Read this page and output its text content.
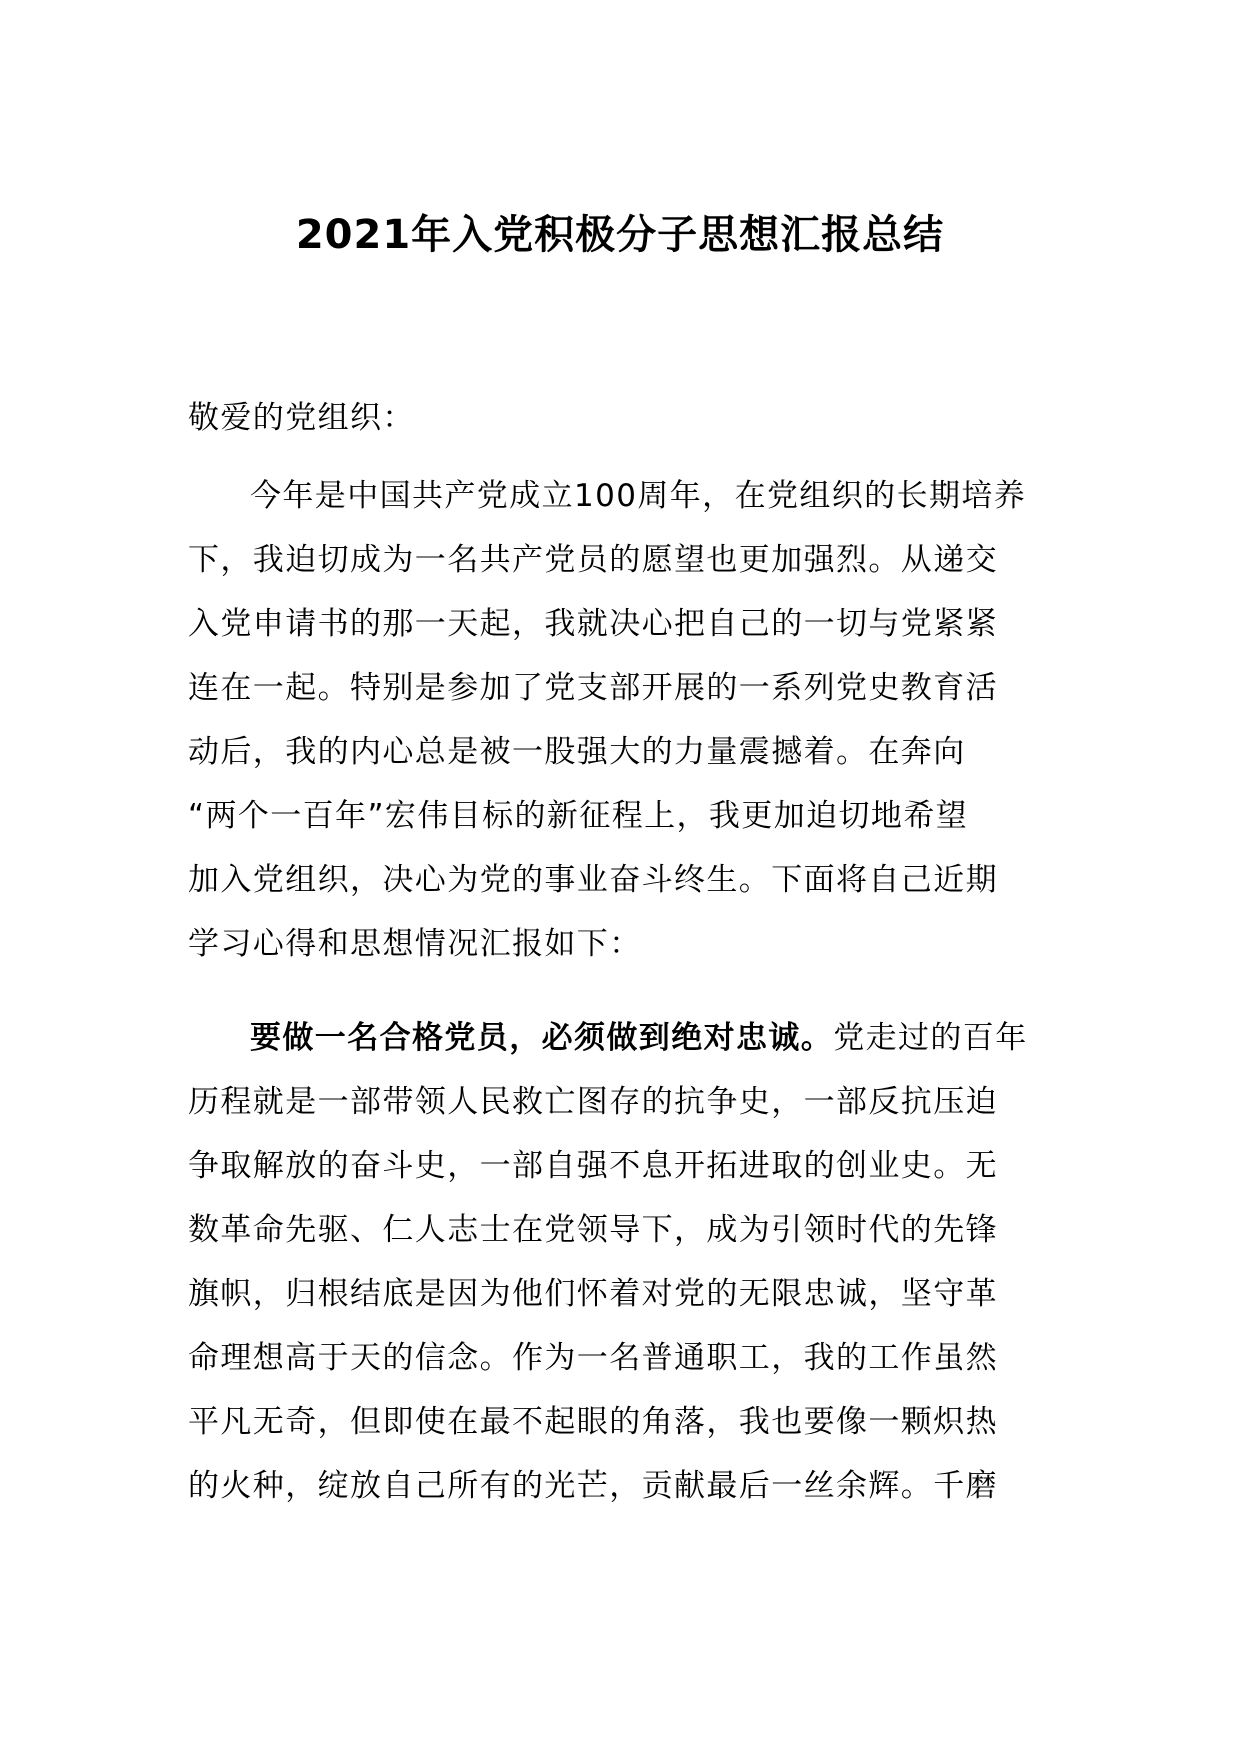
2021年入党积极分子思想汇报总结
敬爱的党组织：
今年是中国共产党成立100周年，在党组织的长期培养
下，我迫切成为一名共产党员的愿望也更加强烈。从递交
入党申请书的那一天起，我就决心把自己的一切与党紧紧
连在一起。特别是参加了党支部开展的一系列党史教育活
动后，我的内心总是被一股强大的力量震撼着。在奔向
“两个一百年”宏伟目标的新征程上，我更加迫切地希望
加入党组织，决心为党的事业奋斗终生。下面将自己近期
学习心得和思想情况汇报如下：
要做一名合格党员，必须做到绝对忠诚。党走过的百年
历程就是一部带领人民救亡图存的抗争史，一部反抗压迫
争取解放的奋斗史，一部自强不息开拓进取的创业史。无
数革命先驱、仁人志士在党领导下，成为引领时代的先锋
旗帜，归根结底是因为他们怀着对党的无限忠诚，坚守革
命理想高于天的信念。作为一名普通职工，我的工作虽然
平凡无奇，但即使在最不起眼的角落，我也要像一颗炽热
的火种，绽放自己所有的光芒，贡献最后一丝余辉。千磨
